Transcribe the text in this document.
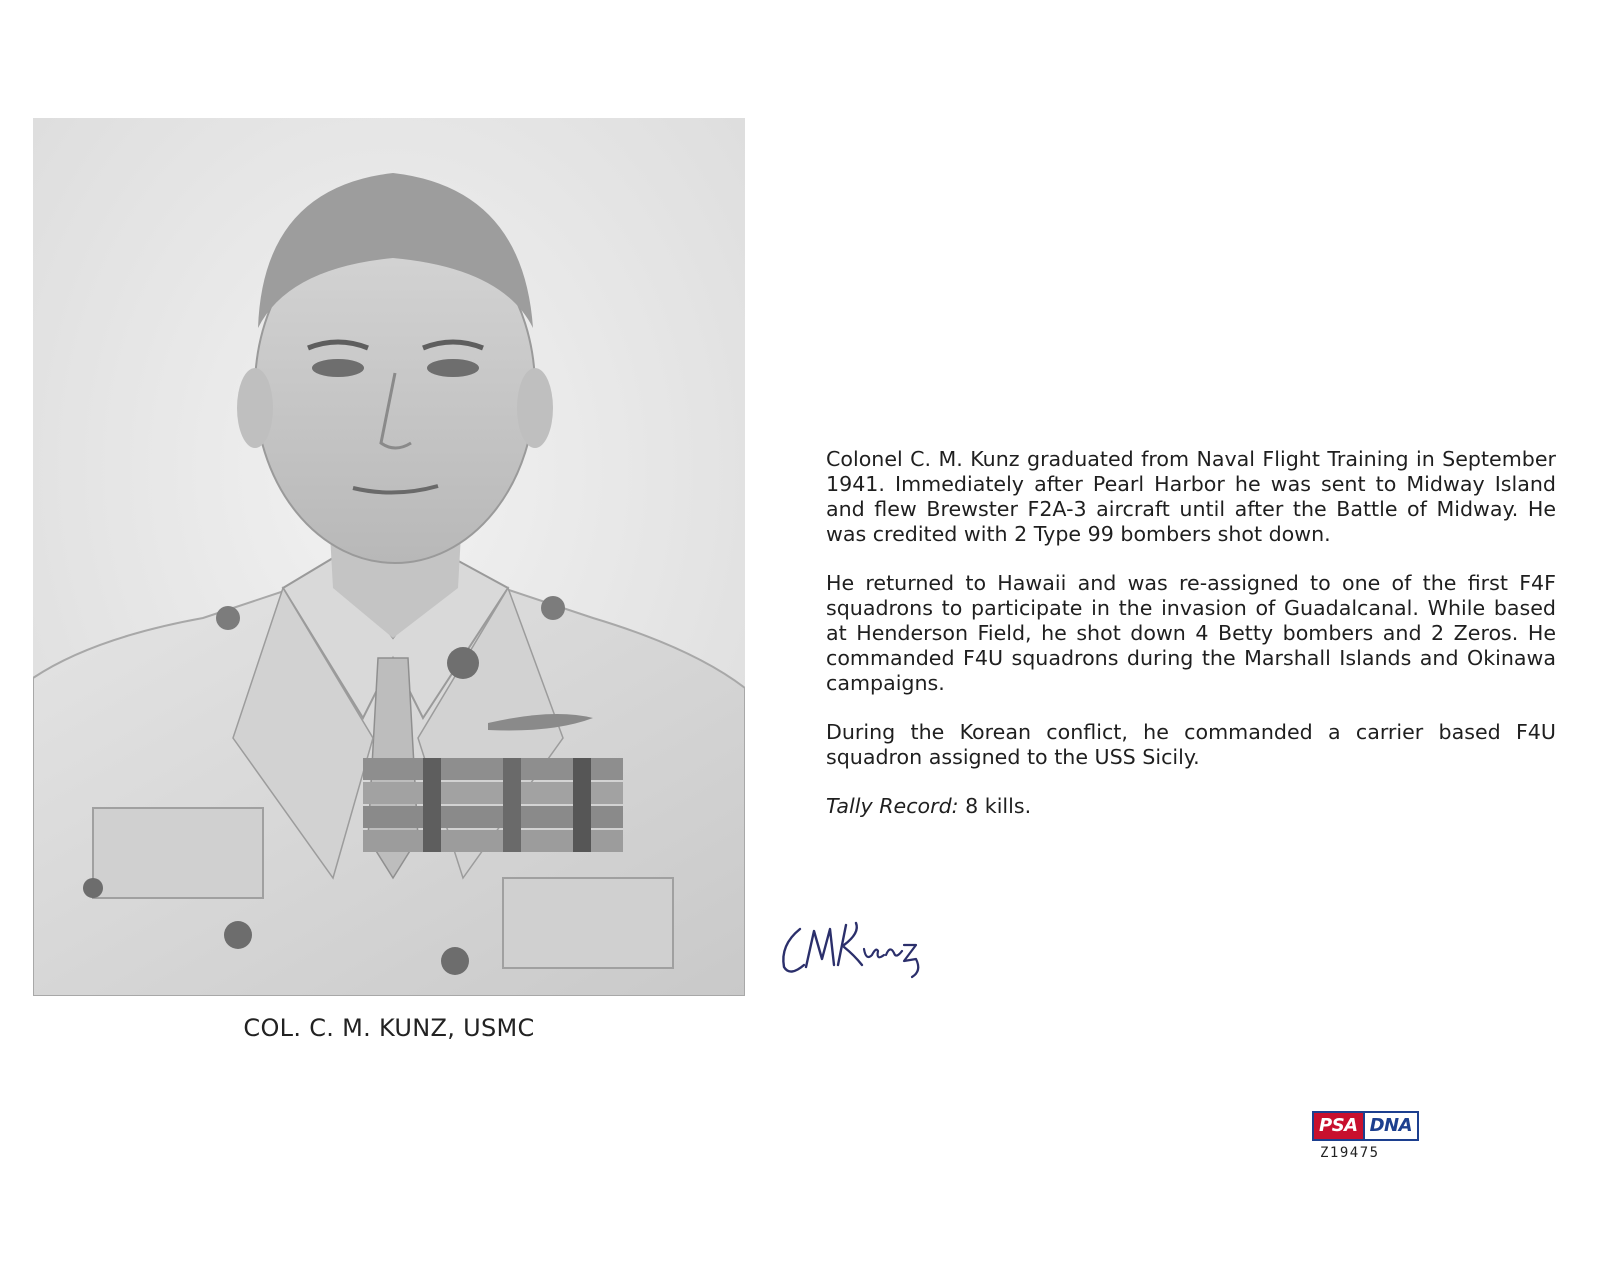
COL. C. M. KUNZ, USMC

Colonel C. M. Kunz graduated from Naval Flight Training in September 1941. Immediately after Pearl Harbor he was sent to Midway Island and flew Brewster F2A-3 aircraft until after the Battle of Midway. He was credited with 2 Type 99 bombers shot down.

He returned to Hawaii and was re-assigned to one of the first F4F squadrons to participate in the invasion of Guadalcanal. While based at Henderson Field, he shot down 4 Betty bombers and 2 Zeros. He commanded F4U squadrons during the Marshall Islands and Okinawa campaigns.

During the Korean conflict, he commanded a carrier based F4U squadron assigned to the USS Sicily.

Tally Record: 8 kills.

PSA DNA
Z19475
